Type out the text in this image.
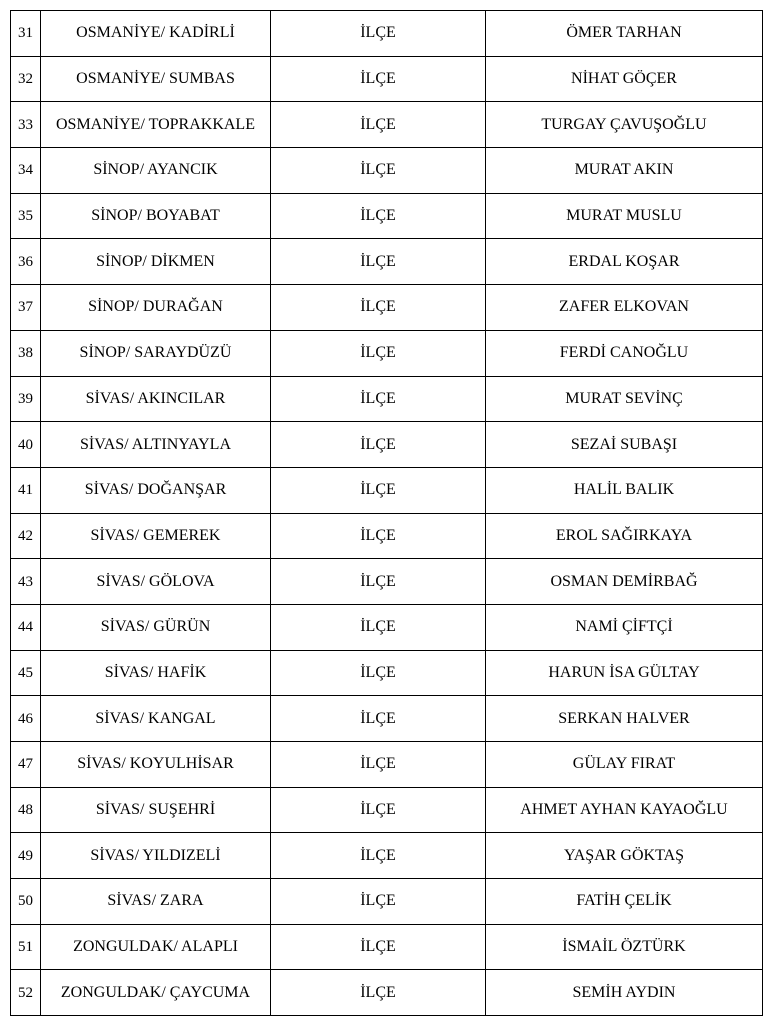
31	OSMANİYE/ KADİRLİ	İLÇE	ÖMER TARHAN
32	OSMANİYE/ SUMBAS	İLÇE	NİHAT GÖÇER
33	OSMANİYE/ TOPRAKKALE	İLÇE	TURGAY ÇAVUŞOĞLU
34	SİNOP/ AYANCIK	İLÇE	MURAT AKIN
35	SİNOP/ BOYABAT	İLÇE	MURAT MUSLU
36	SİNOP/ DİKMEN	İLÇE	ERDAL KOŞAR
37	SİNOP/ DURAĞAN	İLÇE	ZAFER ELKOVAN
38	SİNOP/ SARAYDÜZÜ	İLÇE	FERDİ CANOĞLU
39	SİVAS/ AKINCILAR	İLÇE	MURAT SEVİNÇ
40	SİVAS/ ALTINYAYLA	İLÇE	SEZAİ SUBAŞI
41	SİVAS/ DOĞANŞAR	İLÇE	HALİL BALIK
42	SİVAS/ GEMEREK	İLÇE	EROL SAĞIRKAYA
43	SİVAS/ GÖLOVA	İLÇE	OSMAN DEMİRBAĞ
44	SİVAS/ GÜRÜN	İLÇE	NAMİ ÇİFTÇİ
45	SİVAS/ HAFİK	İLÇE	HARUN İSA GÜLTAY
46	SİVAS/ KANGAL	İLÇE	SERKAN HALVER
47	SİVAS/ KOYULHİSAR	İLÇE	GÜLAY FIRAT
48	SİVAS/ SUŞEHRİ	İLÇE	AHMET AYHAN KAYAOĞLU
49	SİVAS/ YILDIZELİ	İLÇE	YAŞAR GÖKTAŞ
50	SİVAS/ ZARA	İLÇE	FATİH ÇELİK
51	ZONGULDAK/ ALAPLI	İLÇE	İSMAİL ÖZTÜRK
52	ZONGULDAK/ ÇAYCUMA	İLÇE	SEMİH AYDIN
